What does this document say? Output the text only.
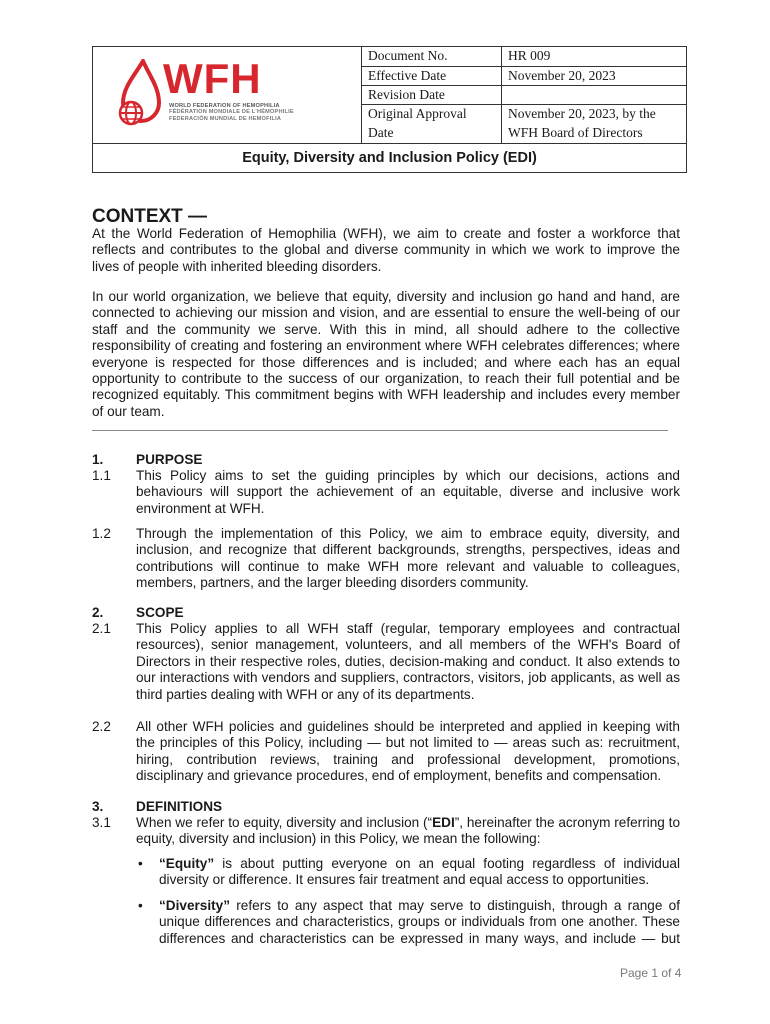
WFH
WORLD FEDERATION OF HEMOPHILIA
FÉDÉRATION MONDIALE DE L'HÉMOPHILIE
FEDERACIÓN MUNDIAL DE HEMOFILIA
Document No.
Effective Date
Revision Date
Original Approval
Date
HR 009
November 20, 2023
November 20, 2023, by the
WFH Board of Directors
Equity, Diversity and Inclusion Policy (EDI)
CONTEXT —
At the World Federation of Hemophilia (WFH), we aim to create and foster a workforce that reflects and contributes to the global and diverse community in which we work to improve the lives of people with inherited bleeding disorders.
In our world organization, we believe that equity, diversity and inclusion go hand and hand, are connected to achieving our mission and vision, and are essential to ensure the well-being of our staff and the community we serve. With this in mind, all should adhere to the collective responsibility of creating and fostering an environment where WFH celebrates differences; where everyone is respected for those differences and is included; and where each has an equal opportunity to contribute to the success of our organization, to reach their full potential and be recognized equitably. This commitment begins with WFH leadership and includes every member of our team.
1. PURPOSE
1.1 This Policy aims to set the guiding principles by which our decisions, actions and behaviours will support the achievement of an equitable, diverse and inclusive work environment at WFH.
1.2 Through the implementation of this Policy, we aim to embrace equity, diversity, and inclusion, and recognize that different backgrounds, strengths, perspectives, ideas and contributions will continue to make WFH more relevant and valuable to colleagues, members, partners, and the larger bleeding disorders community.
2. SCOPE
2.1 This Policy applies to all WFH staff (regular, temporary employees and contractual resources), senior management, volunteers, and all members of the WFH's Board of Directors in their respective roles, duties, decision-making and conduct. It also extends to our interactions with vendors and suppliers, contractors, visitors, job applicants, as well as third parties dealing with WFH or any of its departments.
2.2 All other WFH policies and guidelines should be interpreted and applied in keeping with the principles of this Policy, including — but not limited to — areas such as: recruitment, hiring, contribution reviews, training and professional development, promotions, disciplinary and grievance procedures, end of employment, benefits and compensation.
3. DEFINITIONS
3.1 When we refer to equity, diversity and inclusion (“EDI”, hereinafter the acronym referring to equity, diversity and inclusion) in this Policy, we mean the following:
• “Equity” is about putting everyone on an equal footing regardless of individual diversity or difference. It ensures fair treatment and equal access to opportunities.
• “Diversity” refers to any aspect that may serve to distinguish, through a range of unique differences and characteristics, groups or individuals from one another. These differences and characteristics can be expressed in many ways, and include — but
Page 1 of 4
